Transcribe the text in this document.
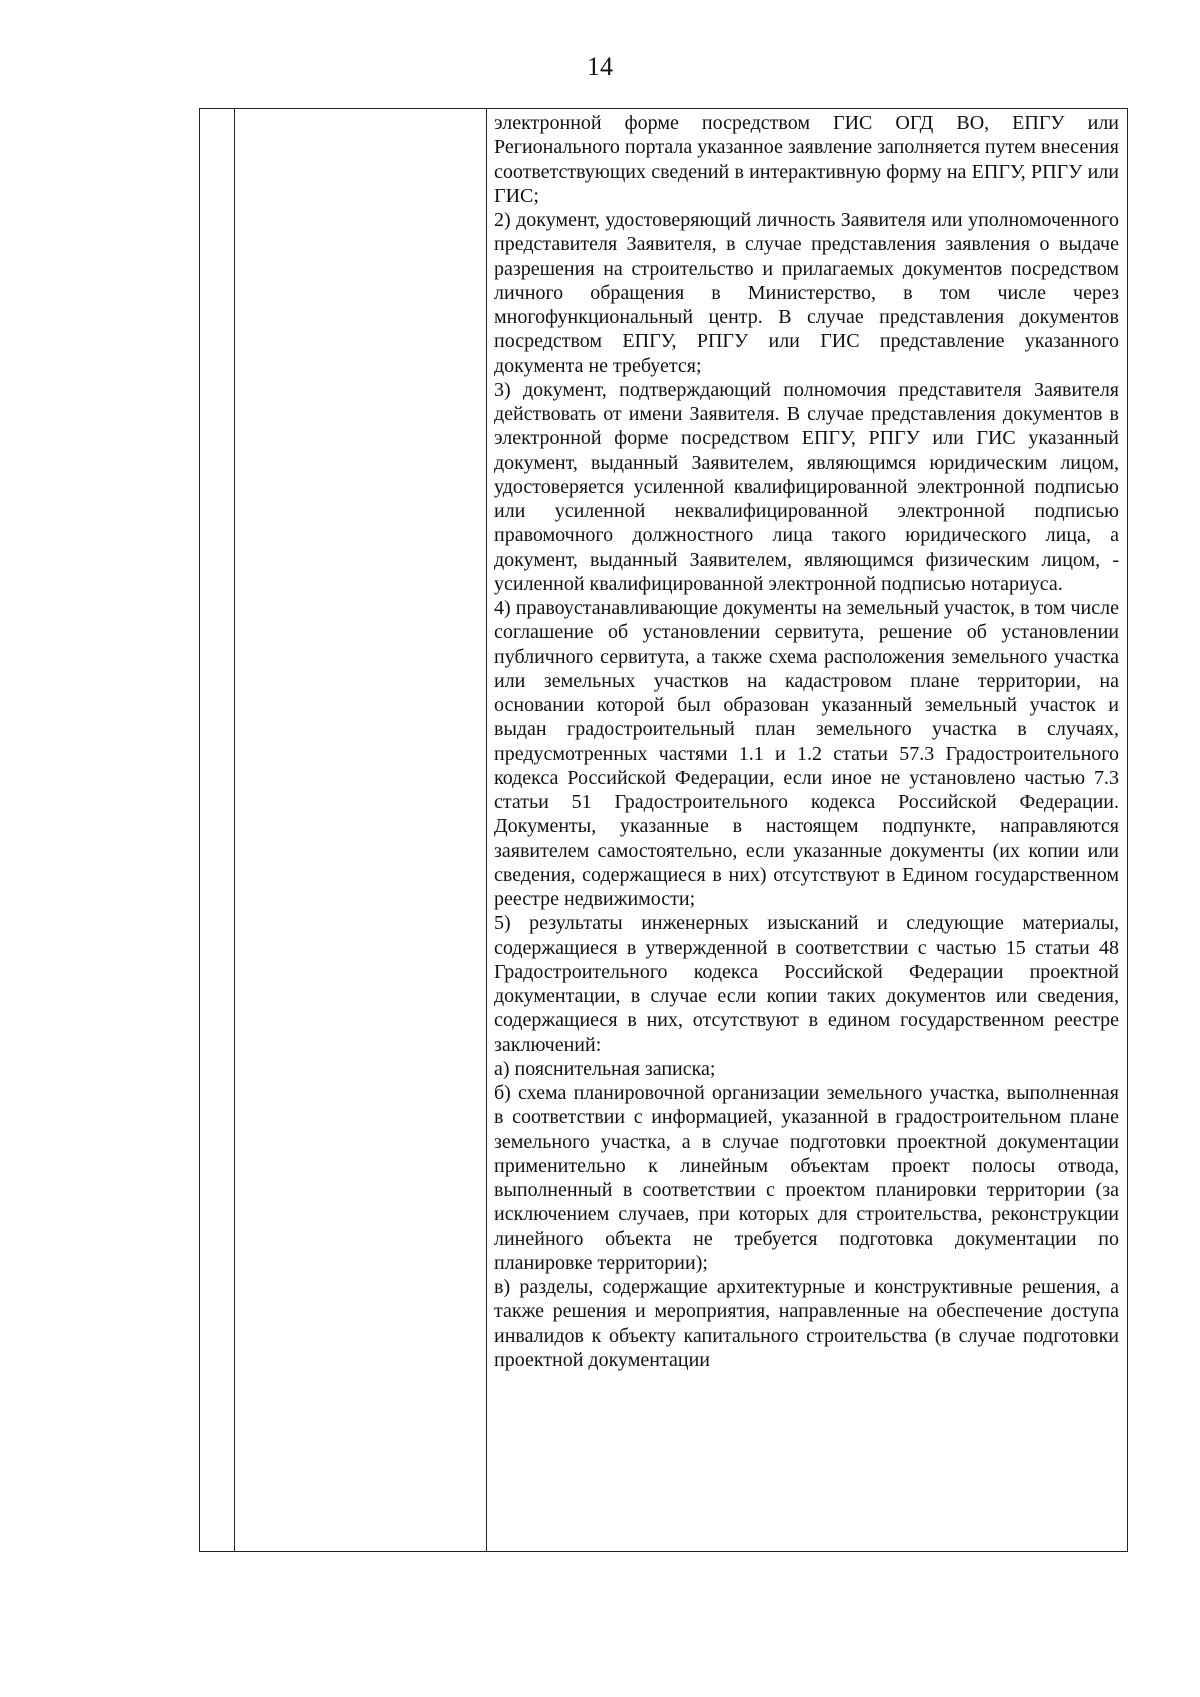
14

электронной форме посредством ГИС ОГД ВО, ЕПГУ или Регионального портала указанное заявление заполняется путем внесения соответствующих сведений в интерактивную форму на ЕПГУ, РПГУ или ГИС;

2) документ, удостоверяющий личность Заявителя или уполномоченного представителя Заявителя, в случае представления заявления о выдаче разрешения на строительство и прилагаемых документов посредством личного обращения в Министерство, в том числе через многофункциональный центр. В случае представления документов посредством ЕПГУ, РПГУ или ГИС представление указанного документа не требуется;

3) документ, подтверждающий полномочия представителя Заявителя действовать от имени Заявителя. В случае представления документов в электронной форме посредством ЕПГУ, РПГУ или ГИС указанный документ, выданный Заявителем, являющимся юридическим лицом, удостоверяется усиленной квалифицированной электронной подписью или усиленной неквалифицированной электронной подписью правомочного должностного лица такого юридического лица, а документ, выданный Заявителем, являющимся физическим лицом, - усиленной квалифицированной электронной подписью нотариуса.

4) правоустанавливающие документы на земельный участок, в том числе соглашение об установлении сервитута, решение об установлении публичного сервитута, а также схема расположения земельного участка или земельных участков на кадастровом плане территории, на основании которой был образован указанный земельный участок и выдан градостроительный план земельного участка в случаях, предусмотренных частями 1.1 и 1.2 статьи 57.3 Градостроительного кодекса Российской Федерации, если иное не установлено частью 7.3 статьи 51 Градостроительного кодекса Российской Федерации. Документы, указанные в настоящем подпункте, направляются заявителем самостоятельно, если указанные документы (их копии или сведения, содержащиеся в них) отсутствуют в Едином государственном реестре недвижимости;

5) результаты инженерных изысканий и следующие материалы, содержащиеся в утвержденной в соответствии с частью 15 статьи 48 Градостроительного кодекса Российской Федерации проектной документации, в случае если копии таких документов или сведения, содержащиеся в них, отсутствуют в едином государственном реестре заключений:

а) пояснительная записка;

б) схема планировочной организации земельного участка, выполненная в соответствии с информацией, указанной в градостроительном плане земельного участка, а в случае подготовки проектной документации применительно к линейным объектам проект полосы отвода, выполненный в соответствии с проектом планировки территории (за исключением случаев, при которых для строительства, реконструкции линейного объекта не требуется подготовка документации по планировке территории);

в) разделы, содержащие архитектурные и конструктивные решения, а также решения и мероприятия, направленные на обеспечение доступа инвалидов к объекту капитального строительства (в случае подготовки проектной документации
